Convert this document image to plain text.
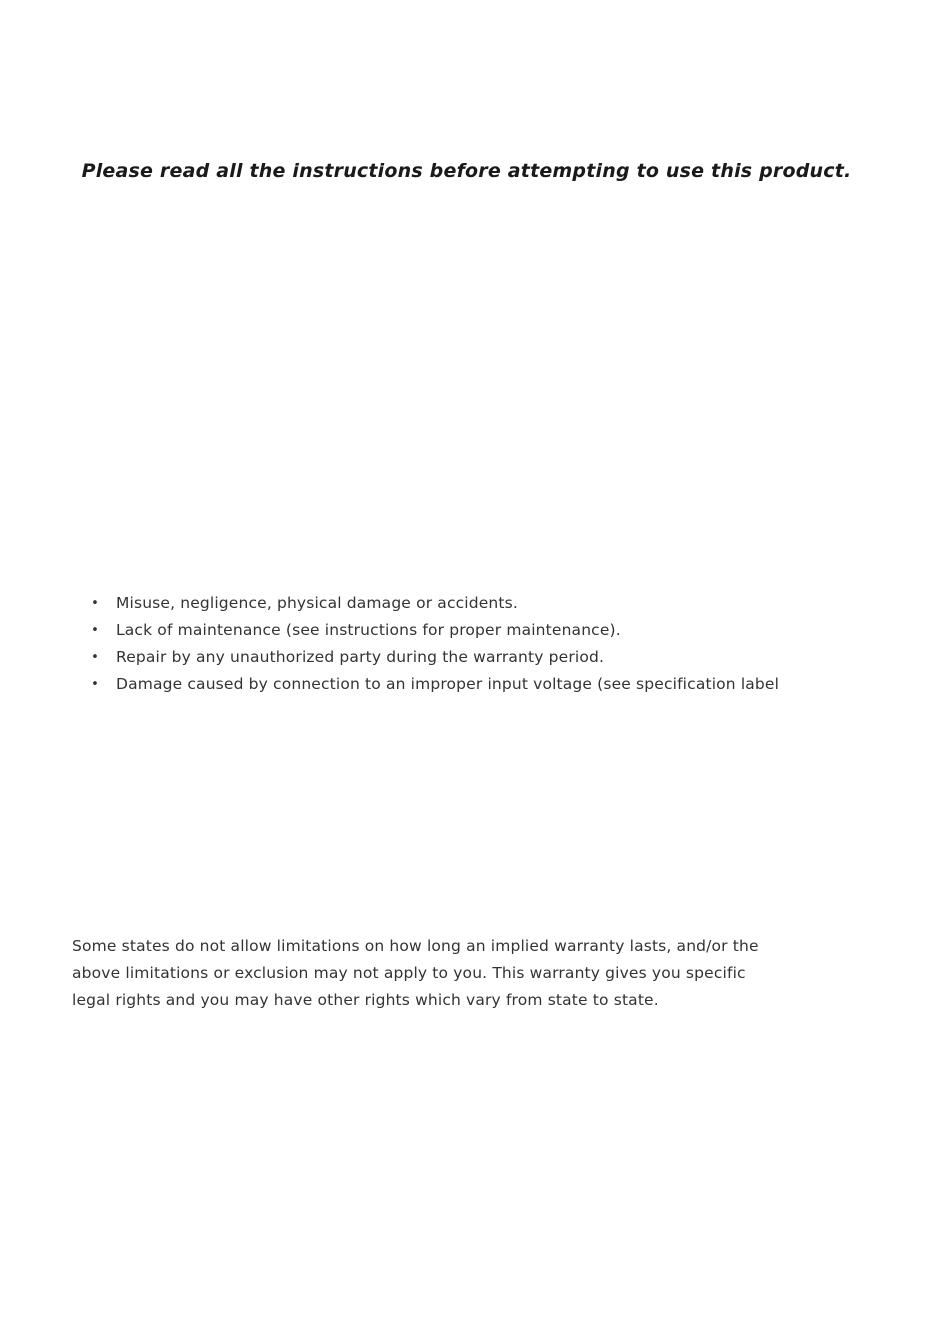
Please read all the instructions before attempting to use this product.

• Misuse, negligence, physical damage or accidents.
• Lack of maintenance (see instructions for proper maintenance).
• Repair by any unauthorized party during the warranty period.
• Damage caused by connection to an improper input voltage (see specification label

Some states do not allow limitations on how long an implied warranty lasts, and/or the
above limitations or exclusion may not apply to you. This warranty gives you specific
legal rights and you may have other rights which vary from state to state.
